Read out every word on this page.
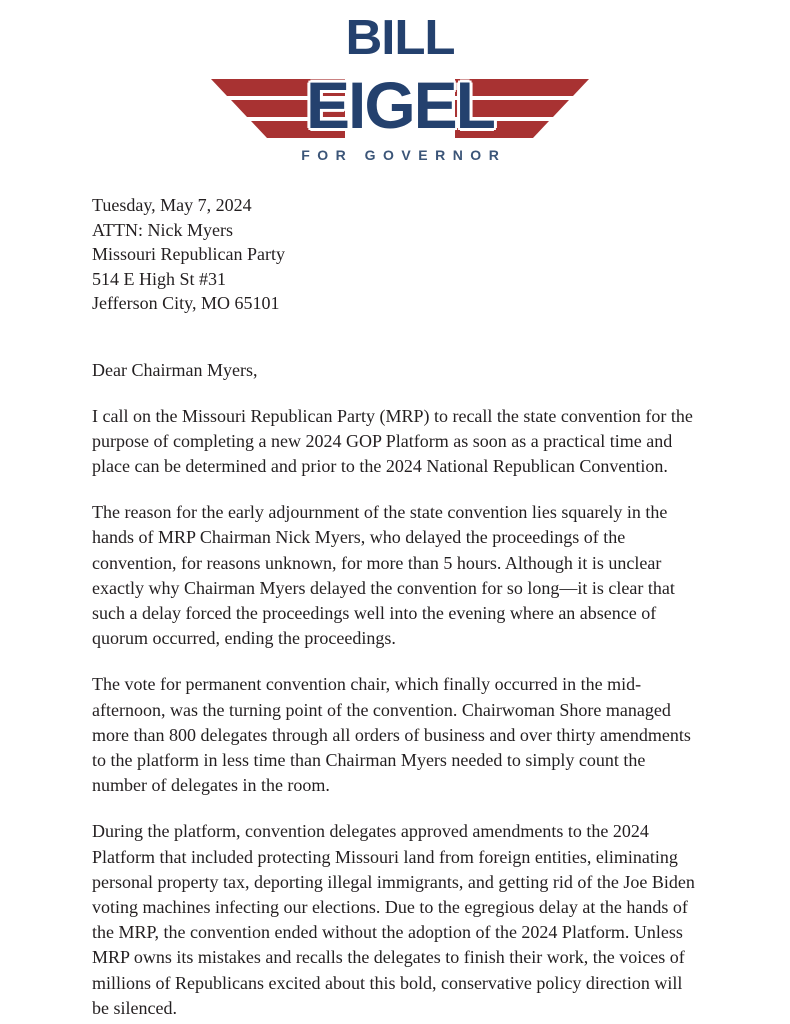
BILL
EIGEL
FOR GOVERNOR
Tuesday, May 7, 2024
ATTN: Nick Myers
Missouri Republican Party
514 E High St #31
Jefferson City, MO 65101

Dear Chairman Myers,

I call on the Missouri Republican Party (MRP) to recall the state convention for the purpose of completing a new 2024 GOP Platform as soon as a practical time and place can be determined and prior to the 2024 National Republican Convention.

The reason for the early adjournment of the state convention lies squarely in the hands of MRP Chairman Nick Myers, who delayed the proceedings of the convention, for reasons unknown, for more than 5 hours. Although it is unclear exactly why Chairman Myers delayed the convention for so long—it is clear that such a delay forced the proceedings well into the evening where an absence of quorum occurred, ending the proceedings.

The vote for permanent convention chair, which finally occurred in the mid-afternoon, was the turning point of the convention. Chairwoman Shore managed more than 800 delegates through all orders of business and over thirty amendments to the platform in less time than Chairman Myers needed to simply count the number of delegates in the room.

During the platform, convention delegates approved amendments to the 2024 Platform that included protecting Missouri land from foreign entities, eliminating personal property tax, deporting illegal immigrants, and getting rid of the Joe Biden voting machines infecting our elections. Due to the egregious delay at the hands of the MRP, the convention ended without the adoption of the 2024 Platform. Unless MRP owns its mistakes and recalls the delegates to finish their work, the voices of millions of Republicans excited about this bold, conservative policy direction will be silenced.
